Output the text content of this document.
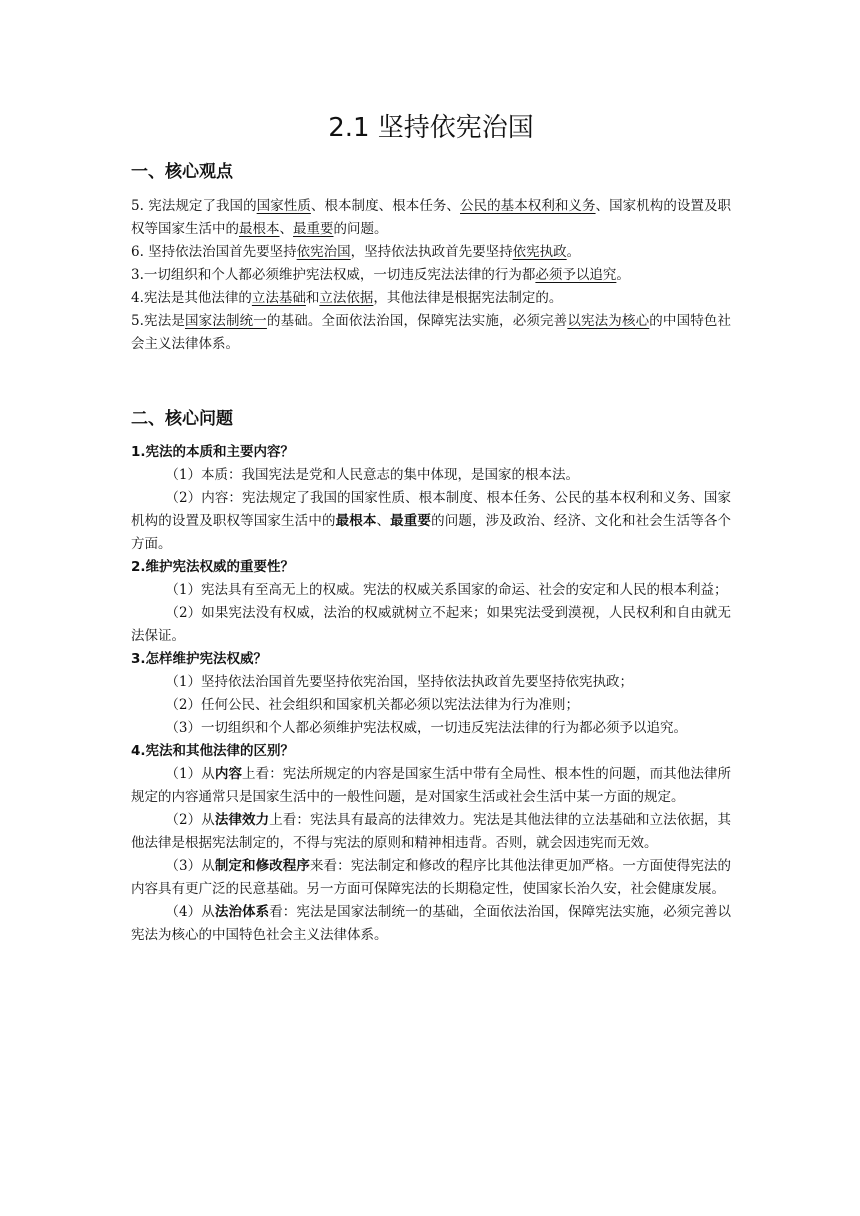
2.1 坚持依宪治国
一、核心观点

5. 宪法规定了我国的国家性质、根本制度、根本任务、公民的基本权利和义务、国家机构的设置及职权等国家生活中的最根本、最重要的问题。

6. 坚持依法治国首先要坚持依宪治国，坚持依法执政首先要坚持依宪执政。

3.一切组织和个人都必须维护宪法权威，一切违反宪法法律的行为都必须予以追究。

4.宪法是其他法律的立法基础和立法依据，其他法律是根据宪法制定的。

5.宪法是国家法制统一的基础。全面依法治国，保障宪法实施，必须完善以宪法为核心的中国特色社会主义法律体系。

二、核心问题

1.宪法的本质和主要内容？

（1）本质：我国宪法是党和人民意志的集中体现，是国家的根本法。

（2）内容：宪法规定了我国的国家性质、根本制度、根本任务、公民的基本权利和义务、国家机构的设置及职权等国家生活中的最根本、最重要的问题，涉及政治、经济、文化和社会生活等各个方面。

2.维护宪法权威的重要性？

（1）宪法具有至高无上的权威。宪法的权威关系国家的命运、社会的安定和人民的根本利益；

（2）如果宪法没有权威，法治的权威就树立不起来；如果宪法受到漠视，人民权利和自由就无法保证。

3.怎样维护宪法权威？

（1）坚持依法治国首先要坚持依宪治国，坚持依法执政首先要坚持依宪执政；

（2）任何公民、社会组织和国家机关都必须以宪法法律为行为准则；

（3）一切组织和个人都必须维护宪法权威，一切违反宪法法律的行为都必须予以追究。

4.宪法和其他法律的区别？

（1）从内容上看：宪法所规定的内容是国家生活中带有全局性、根本性的问题，而其他法律所规定的内容通常只是国家生活中的一般性问题，是对国家生活或社会生活中某一方面的规定。

（2）从法律效力上看：宪法具有最高的法律效力。宪法是其他法律的立法基础和立法依据，其他法律是根据宪法制定的，不得与宪法的原则和精神相违背。否则，就会因违宪而无效。

（3）从制定和修改程序来看：宪法制定和修改的程序比其他法律更加严格。一方面使得宪法的内容具有更广泛的民意基础。另一方面可保障宪法的长期稳定性，使国家长治久安，社会健康发展。

（4）从法治体系看：宪法是国家法制统一的基础，全面依法治国，保障宪法实施，必须完善以宪法为核心的中国特色社会主义法律体系。
